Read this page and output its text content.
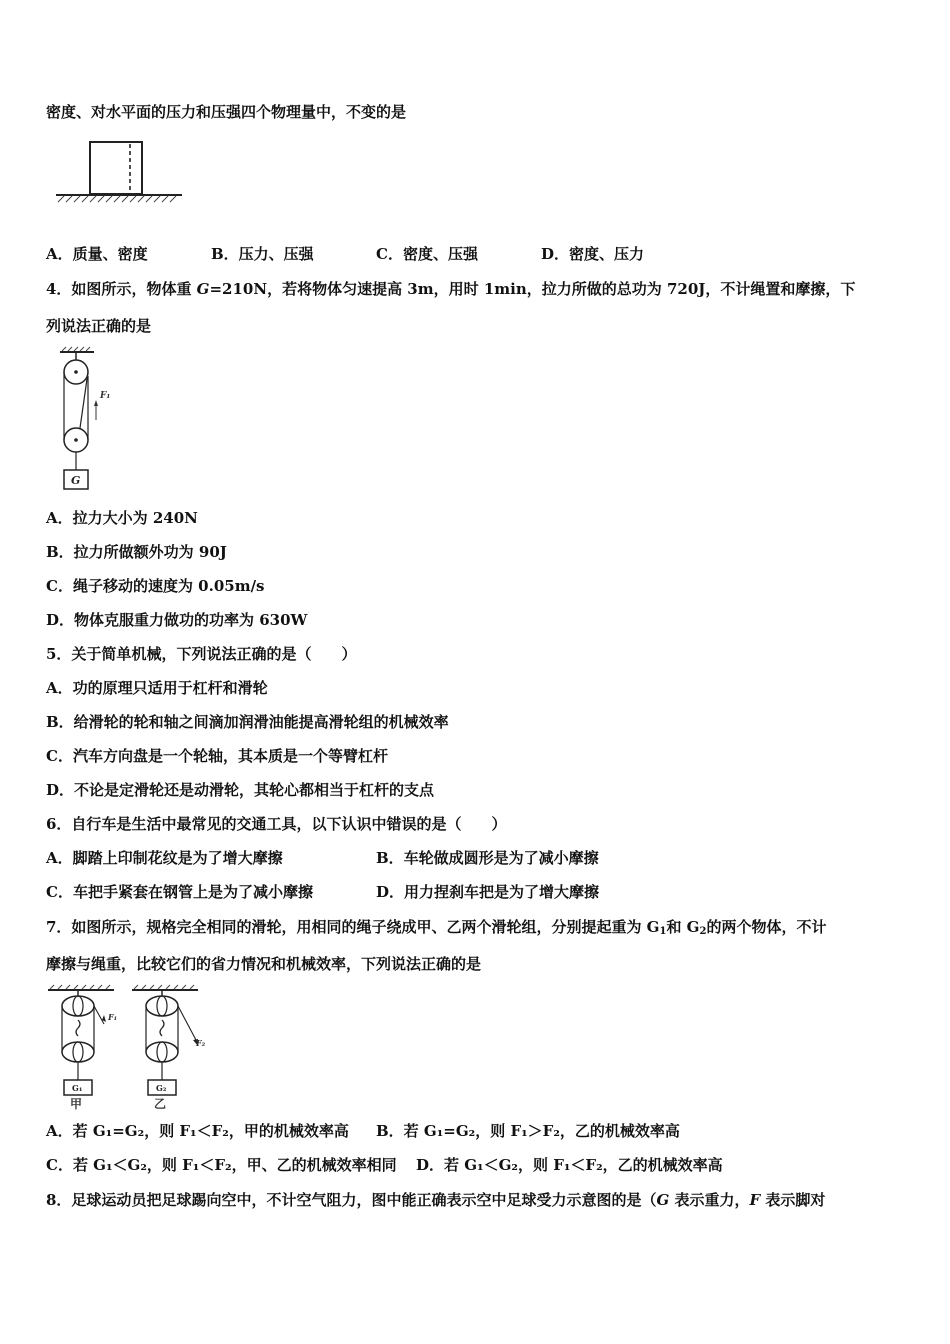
密度、对水平面的压力和压强四个物理量中，不变的是
A．质量、密度	B．压力、压强	C．密度、压强	D．密度、压力
4．如图所示，物体重 G=210N，若将物体匀速提高 3m，用时 1min，拉力所做的总功为 720J，不计绳置和摩擦，下
列说法正确的是
F₁
G
A．拉力大小为 240N
B．拉力所做额外功为 90J
C．绳子移动的速度为 0.05m/s
D．物体克服重力做功的功率为 630W
5．关于简单机械，下列说法正确的是（　　）
A．功的原理只适用于杠杆和滑轮
B．给滑轮的轮和轴之间滴加润滑油能提高滑轮组的机械效率
C．汽车方向盘是一个轮轴，其本质是一个等臂杠杆
D．不论是定滑轮还是动滑轮，其轮心都相当于杠杆的支点
6．自行车是生活中最常见的交通工具，以下认识中错误的是（　　）
A．脚踏上印制花纹是为了增大摩擦	B．车轮做成圆形是为了减小摩擦
C．车把手紧套在钢管上是为了减小摩擦	D．用力捏刹车把是为了增大摩擦
7．如图所示，规格完全相同的滑轮，用相同的绳子绕成甲、乙两个滑轮组，分别提起重为 $G_1$和 $G_2$的两个物体，不计
摩擦与绳重，比较它们的省力情况和机械效率，下列说法正确的是
F₁
G₁
甲
F₂
G₂
乙
A．若 G₁=G₂，则 F₁＜F₂，甲的机械效率高 B．若 G₁=G₂，则 F₁＞F₂，乙的机械效率高
C．若 G₁＜G₂，则 F₁＜F₂，甲、乙的机械效率相同 D．若 G₁＜G₂，则 F₁＜F₂，乙的机械效率高
8．足球运动员把足球踢向空中，不计空气阻力，图中能正确表示空中足球受力示意图的是（G 表示重力，F 表示脚对
